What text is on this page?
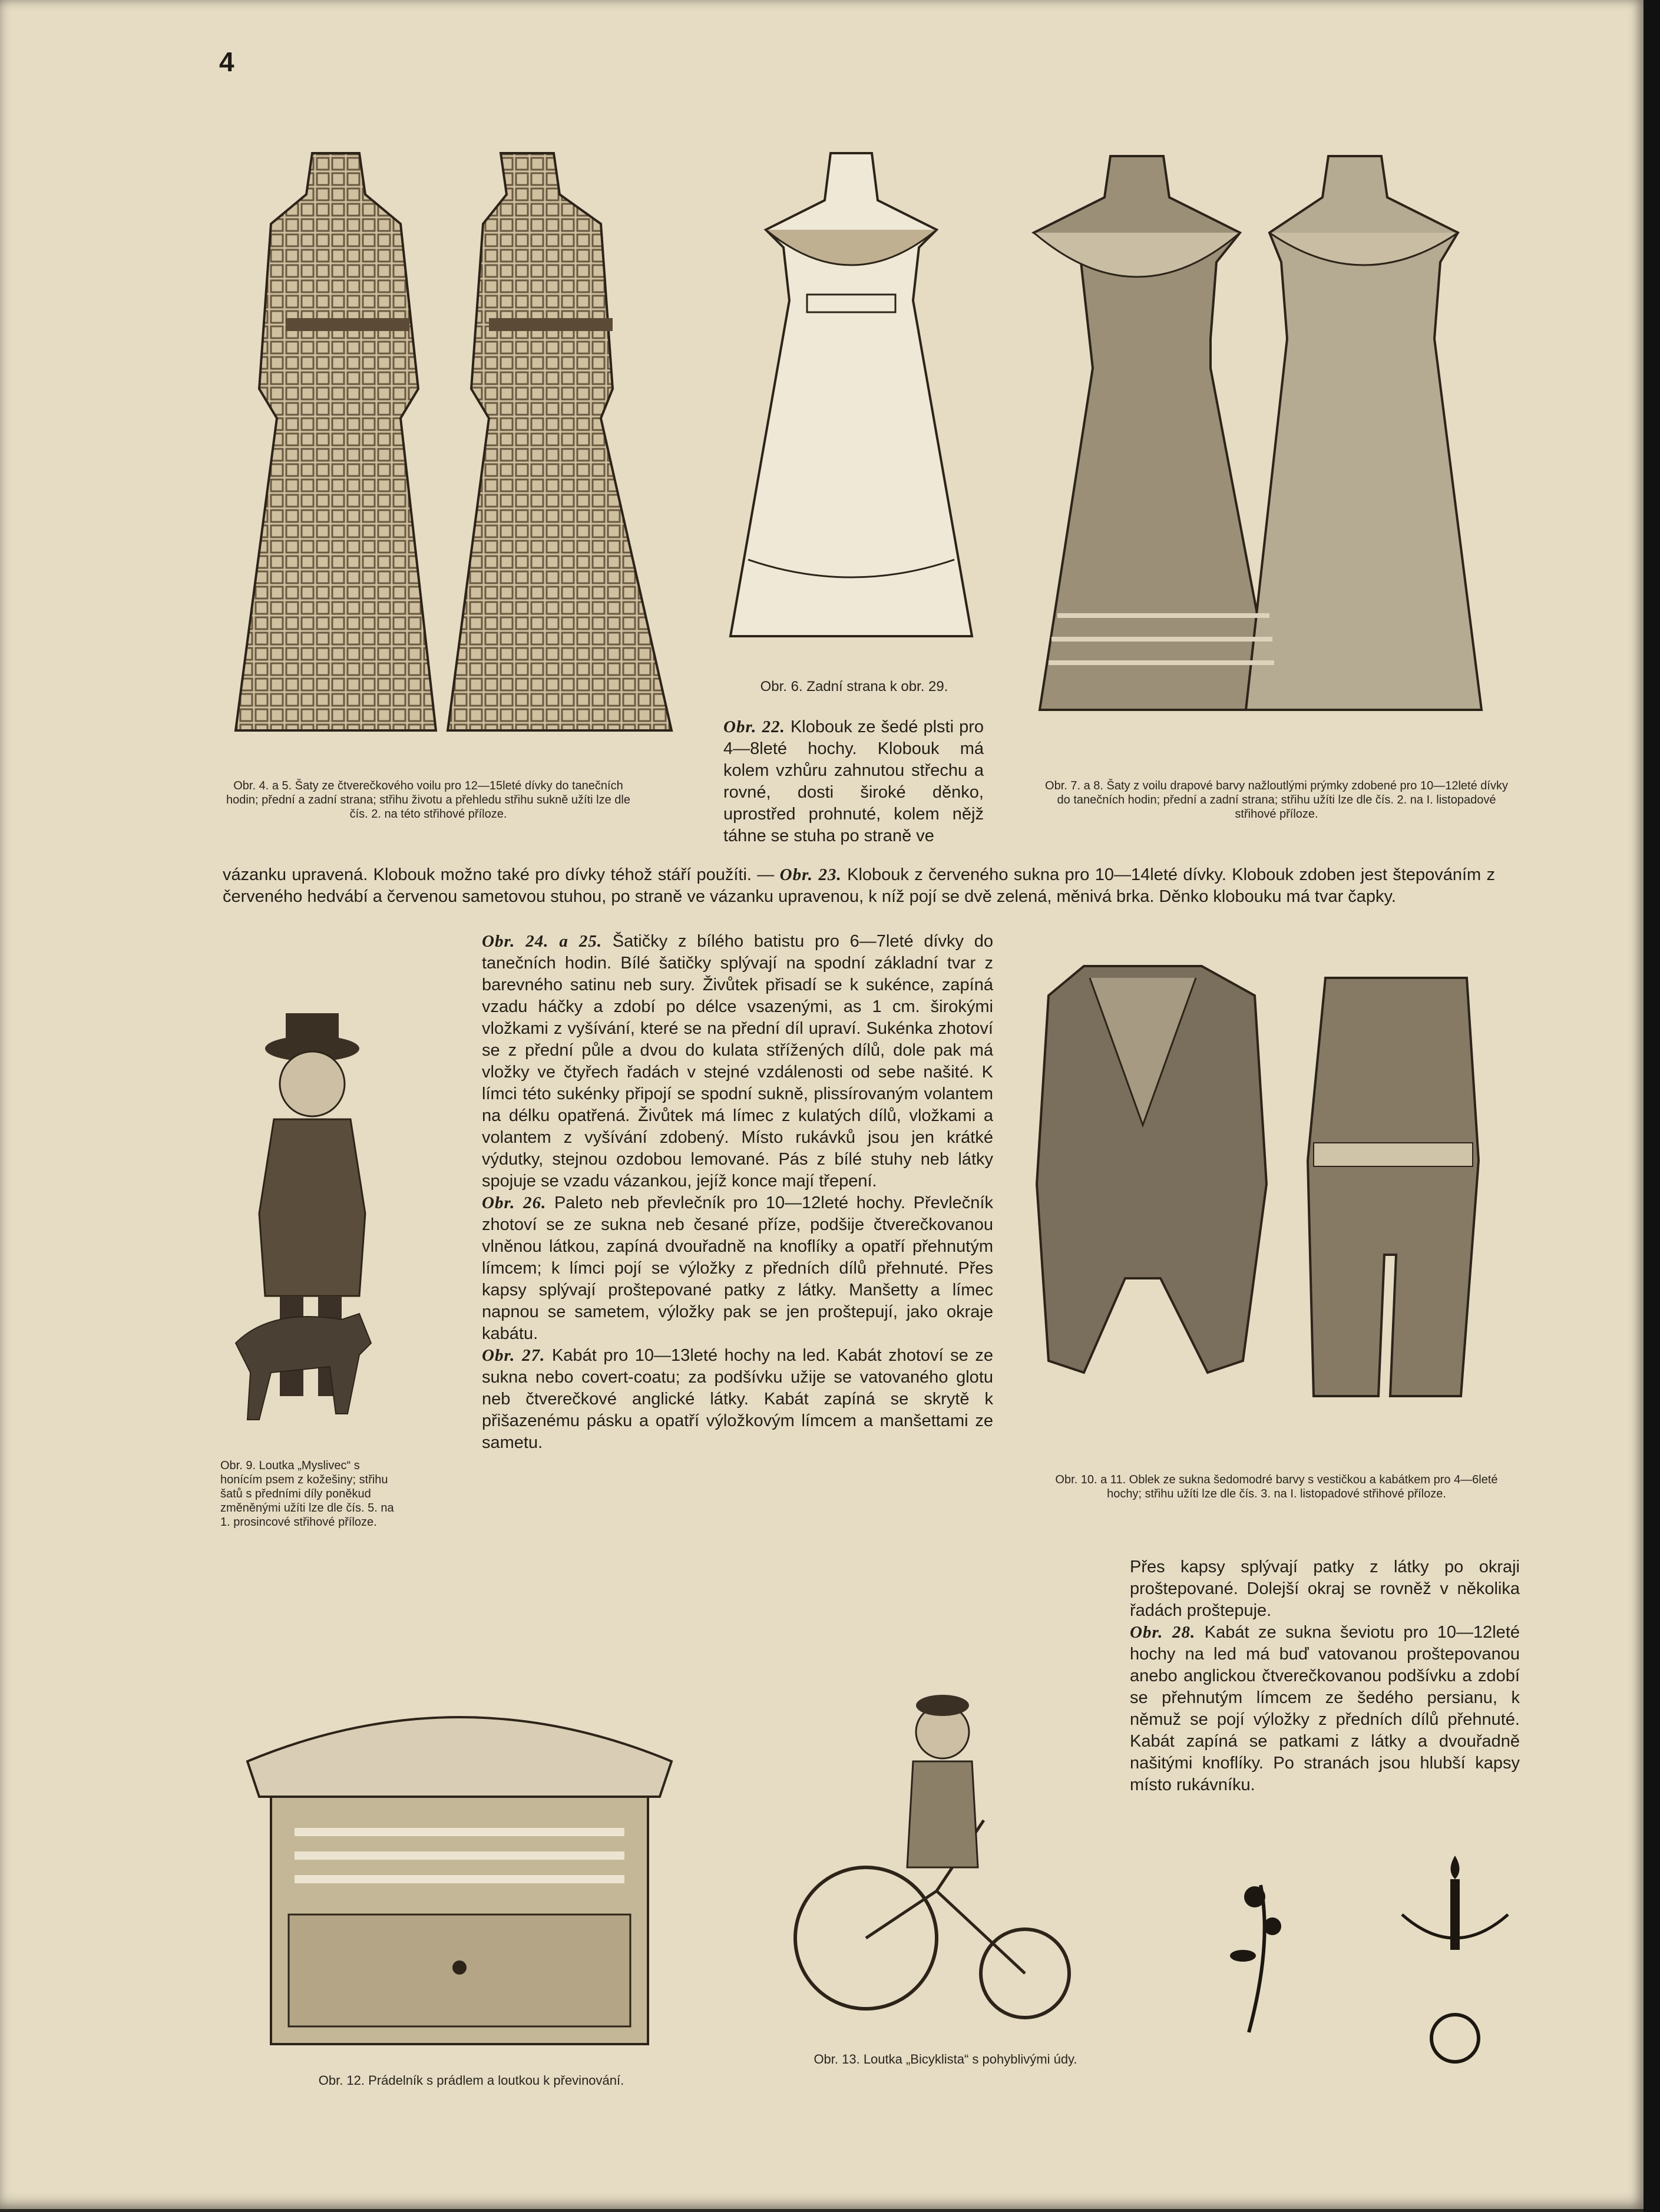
4
Obr. 4. a 5. Šaty ze čtverečkového voilu pro 12—15leté dívky do tanečních hodin; přední a zadní strana; střihu životu a přehledu střihu sukně užíti lze dle čís. 2. na této střihové příloze.
Obr. 6. Zadní strana k obr. 29.
Obr. 7. a 8. Šaty z voilu drapové barvy nažloutlými prýmky zdobené pro 10—12leté dívky do tanečních hodin; přední a zadní strana; střihu užíti lze dle čís. 2. na I. listopadové střihové příloze.

Obr. 22. Klobouk ze šedé plsti pro 4—8leté hochy. Klobouk má kolem vzhůru zahnutou střechu a rovné, dosti široké děnko, uprostřed prohnuté, kolem nějž táhne se stuha po straně ve

vázanku upravená. Klobouk možno také pro dívky téhož stáří použíti. — Obr. 23. Klobouk z červeného sukna pro 10—14leté dívky. Klobouk zdoben jest štepováním z červeného hedvábí a červenou sametovou stuhou, po straně ve vázanku upravenou, k níž pojí se dvě zelená, měnivá brka. Děnko klobouku má tvar čapky.

Obr. 9. Loutka „Myslivec“ s honícím psem z kožešiny; střihu šatů s předními díly poněkud změněnými užíti lze dle čís. 5. na 1. prosincové střihové příloze.

Obr. 24. a 25. Šatičky z bílého batistu pro 6—7leté dívky do tanečních hodin. Bílé šatičky splývají na spodní základní tvar z barevného satinu neb sury. Živůtek přisadí se k sukénce, zapíná vzadu háčky a zdobí po délce vsazenými, as 1 cm. širokými vložkami z vyšívání, které se na přední díl upraví. Sukénka zhotoví se z přední půle a dvou do kulata střížených dílů, dole pak má vložky ve čtyřech řadách v stejné vzdálenosti od sebe našité. K límci této sukénky připojí se spodní sukně, plissírovaným volantem na délku opatřená. Živůtek má límec z kulatých dílů, vložkami a volantem z vyšívání zdobený. Místo rukávků jsou jen krátké výdutky, stejnou ozdobou lemované. Pás z bílé stuhy neb látky spojuje se vzadu vázankou, jejíž konce mají třepení.

Obr. 26. Paleto neb převlečník pro 10—12leté hochy. Převlečník zhotoví se ze sukna neb česané příze, podšije čtverečkovanou vlněnou látkou, zapíná dvouřadně na knoflíky a opatří přehnutým límcem; k límci pojí se výložky z předních dílů přehnuté. Přes kapsy splývají proštepované patky z látky. Manšetty a límec napnou se sametem, výložky pak se jen proštepují, jako okraje kabátu.

Obr. 27. Kabát pro 10—13leté hochy na led. Kabát zhotoví se ze sukna nebo covert-coatu; za podšívku užije se vatovaného glotu neb čtverečkové anglické látky. Kabát zapíná se skrytě k přišazenému pásku a opatří výložkovým límcem a manšettami ze sametu.

Obr. 10. a 11. Oblek ze sukna šedomodré barvy s vestičkou a kabátkem pro 4—6leté hochy; střihu užíti lze dle čís. 3. na I. listopadové střihové příloze.

Přes kapsy splývají patky z látky po okraji proštepované. Dolejší okraj se rovněž v několika řadách proštepuje.

Obr. 28. Kabát ze sukna ševiotu pro 10—12leté hochy na led má buď vatovanou proštepovanou anebo anglickou čtverečkovanou podšívku a zdobí se přehnutým límcem ze šedého persianu, k němuž se pojí výložky z předních dílů přehnuté. Kabát zapíná se patkami z látky a dvouřadně našitými knoflíky. Po stranách jsou hlubší kapsy místo rukávníku.

Obr. 12. Prádelník s prádlem a loutkou k převinování.
Obr. 13. Loutka „Bicyklista“ s pohyblivými údy.
